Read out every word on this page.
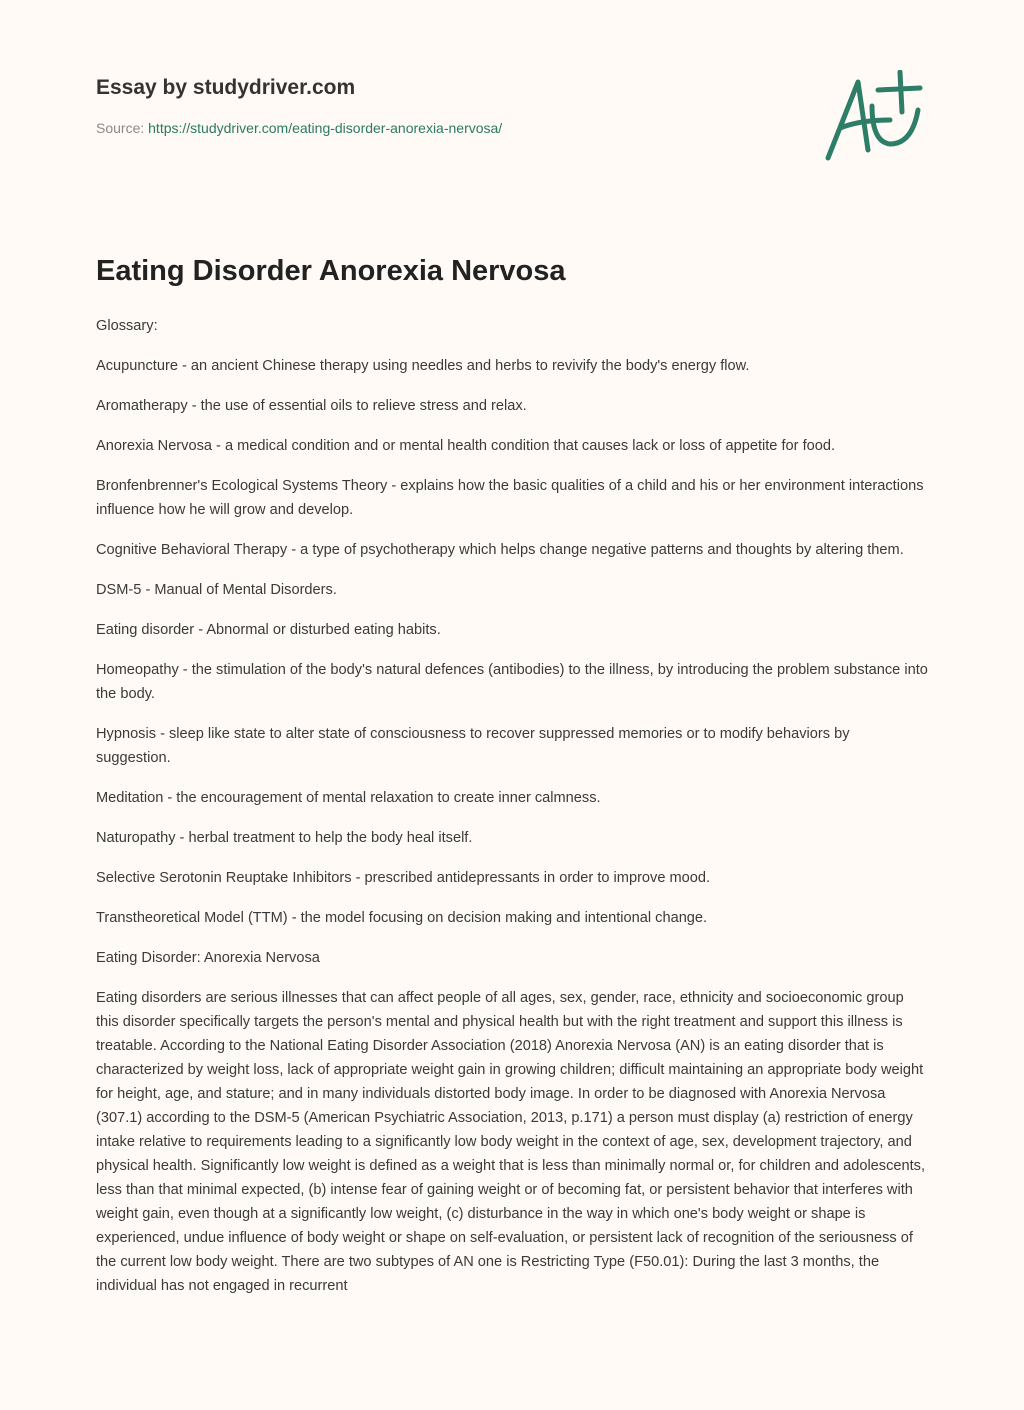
Essay by studydriver.com
Source: https://studydriver.com/eating-disorder-anorexia-nervosa/
Eating Disorder Anorexia Nervosa

Glossary:

Acupuncture - an ancient Chinese therapy using needles and herbs to revivify the body's energy flow.

Aromatherapy - the use of essential oils to relieve stress and relax.

Anorexia Nervosa - a medical condition and or mental health condition that causes lack or loss of appetite for food.

Bronfenbrenner's Ecological Systems Theory - explains how the basic qualities of a child and his or her environment interactions influence how he will grow and develop.

Cognitive Behavioral Therapy - a type of psychotherapy which helps change negative patterns and thoughts by altering them.

DSM-5 - Manual of Mental Disorders.

Eating disorder - Abnormal or disturbed eating habits.

Homeopathy - the stimulation of the body's natural defences (antibodies) to the illness, by introducing the problem substance into the body.

Hypnosis - sleep like state to alter state of consciousness to recover suppressed memories or to modify behaviors by suggestion.

Meditation - the encouragement of mental relaxation to create inner calmness.

Naturopathy - herbal treatment to help the body heal itself.

Selective Serotonin Reuptake Inhibitors - prescribed antidepressants in order to improve mood.

Transtheoretical Model (TTM) - the model focusing on decision making and intentional change.

Eating Disorder: Anorexia Nervosa

Eating disorders are serious illnesses that can affect people of all ages, sex, gender, race, ethnicity and socioeconomic group this disorder specifically targets the person's mental and physical health but with the right treatment and support this illness is treatable. According to the National Eating Disorder Association (2018) Anorexia Nervosa (AN) is an eating disorder that is characterized by weight loss, lack of appropriate weight gain in growing children; difficult maintaining an appropriate body weight for height, age, and stature; and in many individuals distorted body image. In order to be diagnosed with Anorexia Nervosa (307.1) according to the DSM-5 (American Psychiatric Association, 2013, p.171) a person must display (a) restriction of energy intake relative to requirements leading to a significantly low body weight in the context of age, sex, development trajectory, and physical health. Significantly low weight is defined as a weight that is less than minimally normal or, for children and adolescents, less than that minimal expected, (b) intense fear of gaining weight or of becoming fat, or persistent behavior that interferes with weight gain, even though at a significantly low weight, (c) disturbance in the way in which one's body weight or shape is experienced, undue influence of body weight or shape on self-evaluation, or persistent lack of recognition of the seriousness of the current low body weight. There are two subtypes of AN one is Restricting Type (F50.01): During the last 3 months, the individual has not engaged in recurrent
